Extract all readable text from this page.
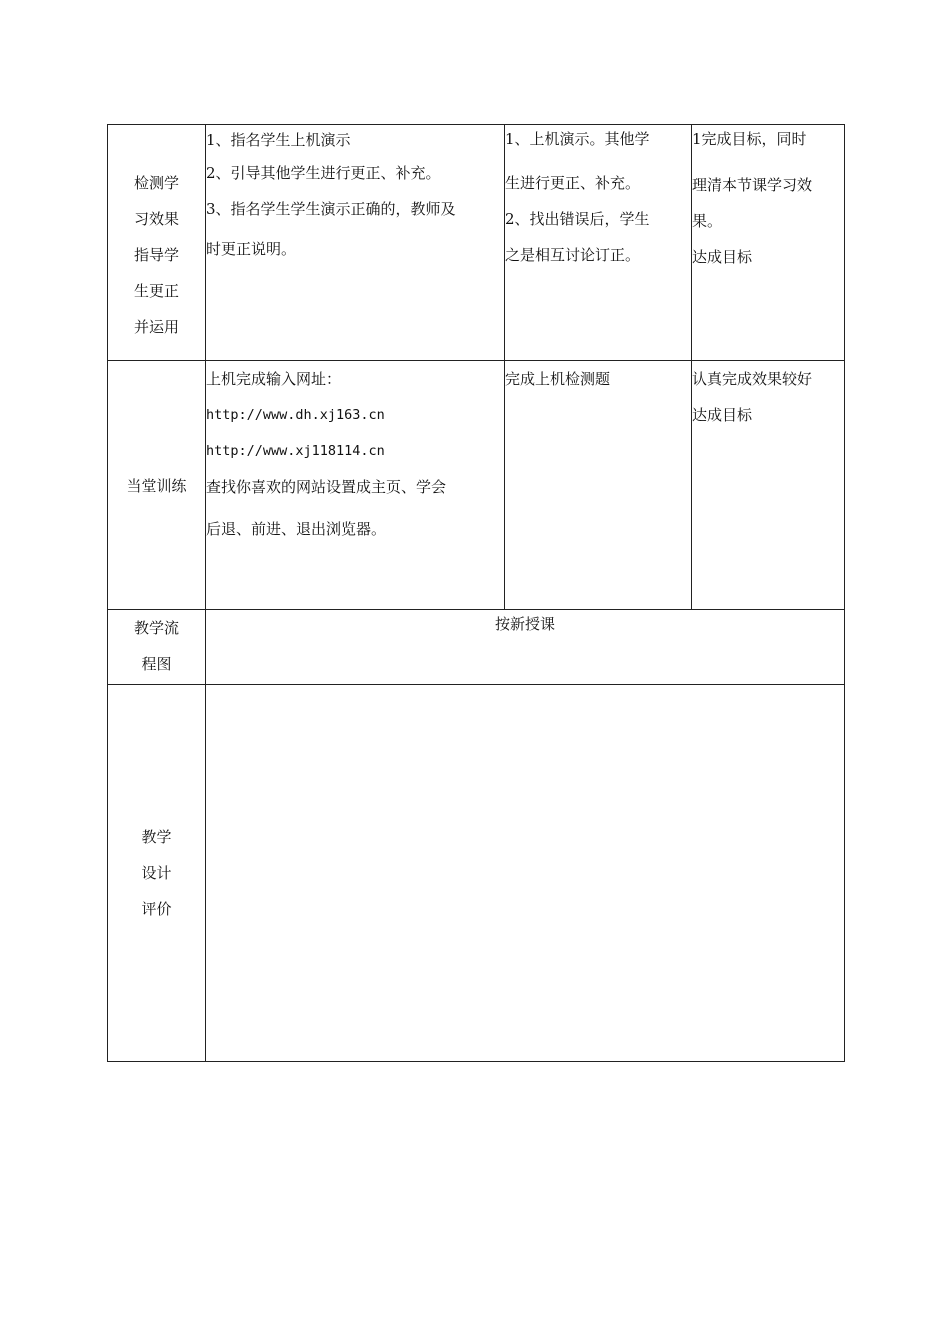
检测学
习效果
指导学
生更正
并运用	1、指名学生上机演示
2、引导其他学生进行更正、补充。
3、指名学生学生演示正确的，教师及
时更正说明。	1、上机演示。其他学
生进行更正、补充。
2、找出错误后，学生
之是相互讨论订正。	1完成目标，同时
理清本节课学习效
果。
达成目标

当堂训练	上机完成输入网址：
http://www.dh.xj163.cn
http://www.xj118114.cn
查找你喜欢的网站设置成主页、学会
后退、前进、退出浏览器。	完成上机检测题	认真完成效果较好
达成目标

教学流
程图	按新授课		

教学
设计
评价			
